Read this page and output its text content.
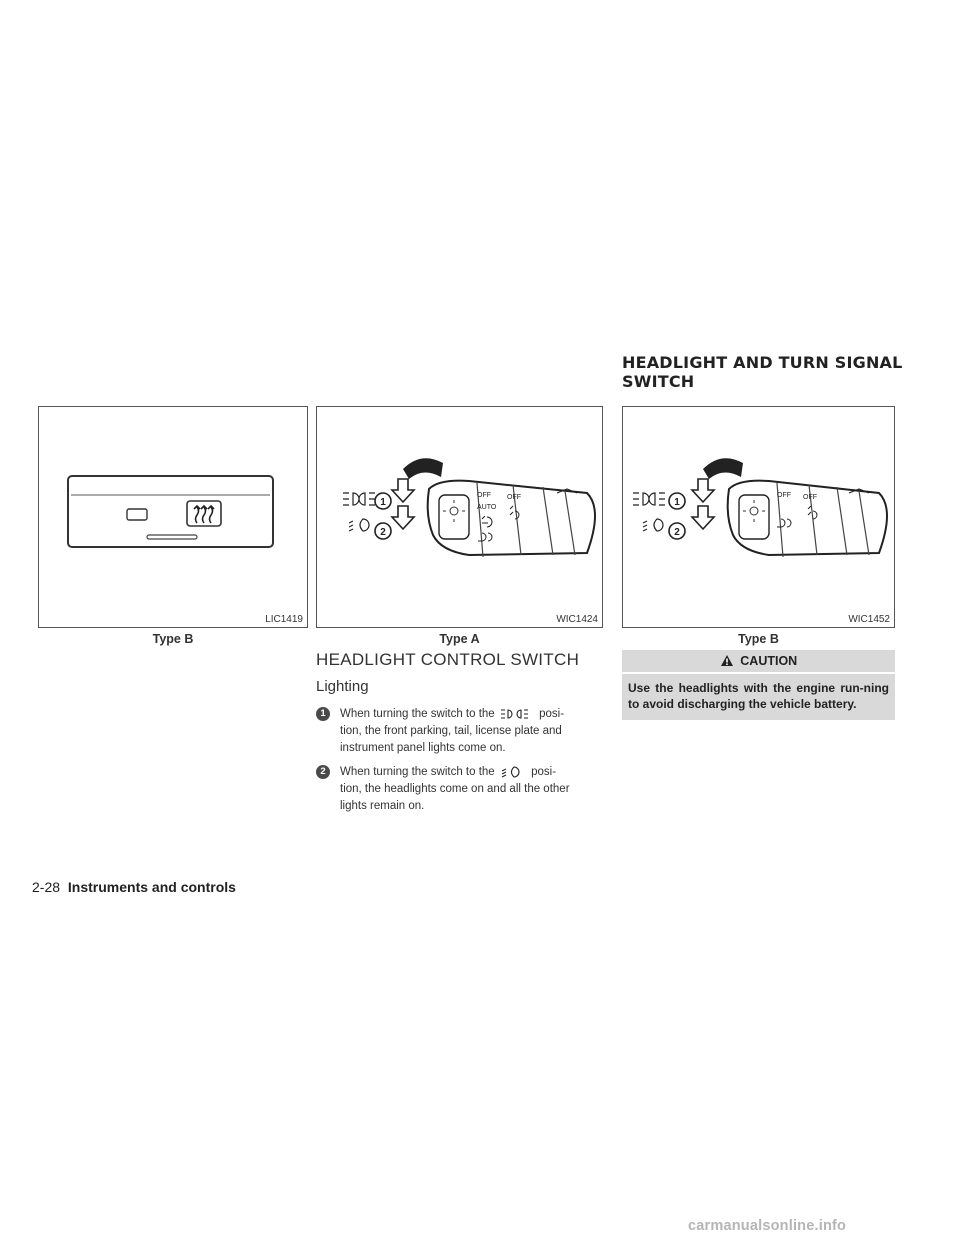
HEADLIGHT AND TURN SIGNAL
SWITCH
LIC1419
Type B
OFF
AUTO
OFF
1
2
WIC1424
Type A
OFF OFF
1
2
WIC1452
Type B
HEADLIGHT CONTROL SWITCH
Lighting
1	When turning the switch to the	posi-
tion, the front parking, tail, license plate and
instrument panel lights come on.
2	When turning the switch to the	posi-
tion, the headlights come on and all the other
lights remain on.
CAUTION
Use the headlights with the engine run-ning to avoid discharging the vehicle battery.
2-28 Instruments and controls
carmanualsonline.info
